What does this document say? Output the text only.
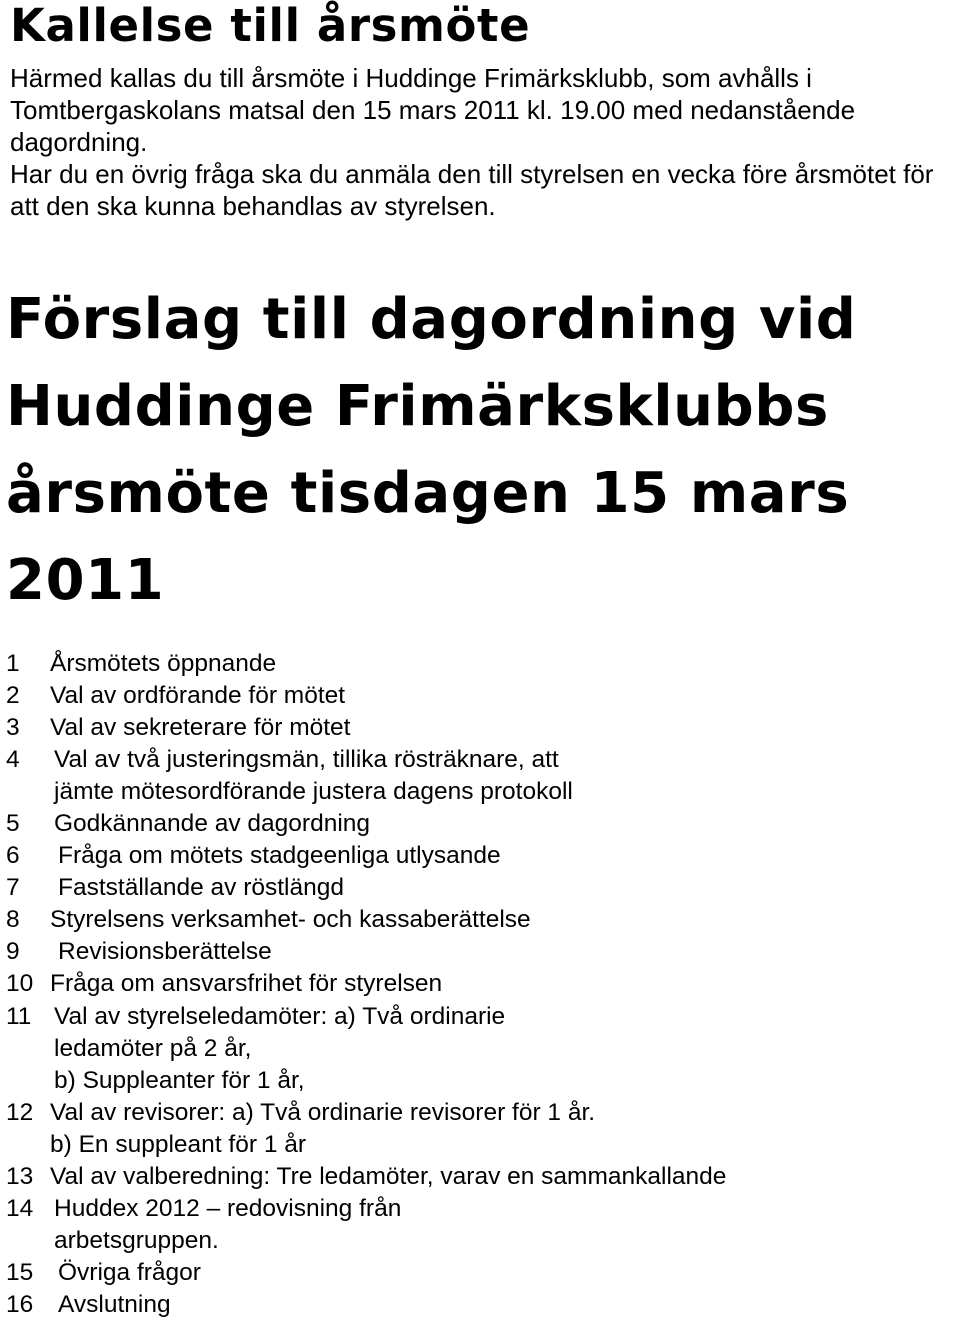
Kallelse till årsmöte

Härmed kallas du till årsmöte i Huddinge Frimärksklubb, som avhålls i Tomtbergaskolans matsal den 15 mars 2011 kl. 19.00 med nedanstående dagordning.

Har du en övrig fråga ska du anmäla den till styrelsen en vecka före årsmötet för att den ska kunna behandlas av styrelsen.

Förslag till dagordning vid Huddinge Frimärksklubbs årsmöte tisdagen 15 mars 2011
1	Årsmötets öppnande
2	Val av ordförande för mötet
3	Val av sekreterare för mötet
4	Val av två justeringsmän, tillika rösträknare, att
jämte mötesordförande justera dagens protokoll
5	Godkännande av dagordning
6	Fråga om mötets stadgeenliga utlysande
7	Fastställande av röstlängd
8	Styrelsens verksamhet- och kassaberättelse
9	Revisionsberättelse
10 Fråga om ansvarsfrihet för styrelsen
11 Val av styrelseledamöter: a) Två ordinarie
ledamöter på 2 år,
b) Suppleanter för 1 år,
12 Val av revisorer: a) Två ordinarie revisorer för 1 år.
b) En suppleant för 1 år
13 Val av valberedning: Tre ledamöter, varav en sammankallande
14 Huddex 2012 – redovisning från
arbetsgruppen.
15	Övriga frågor
16	Avslutning
